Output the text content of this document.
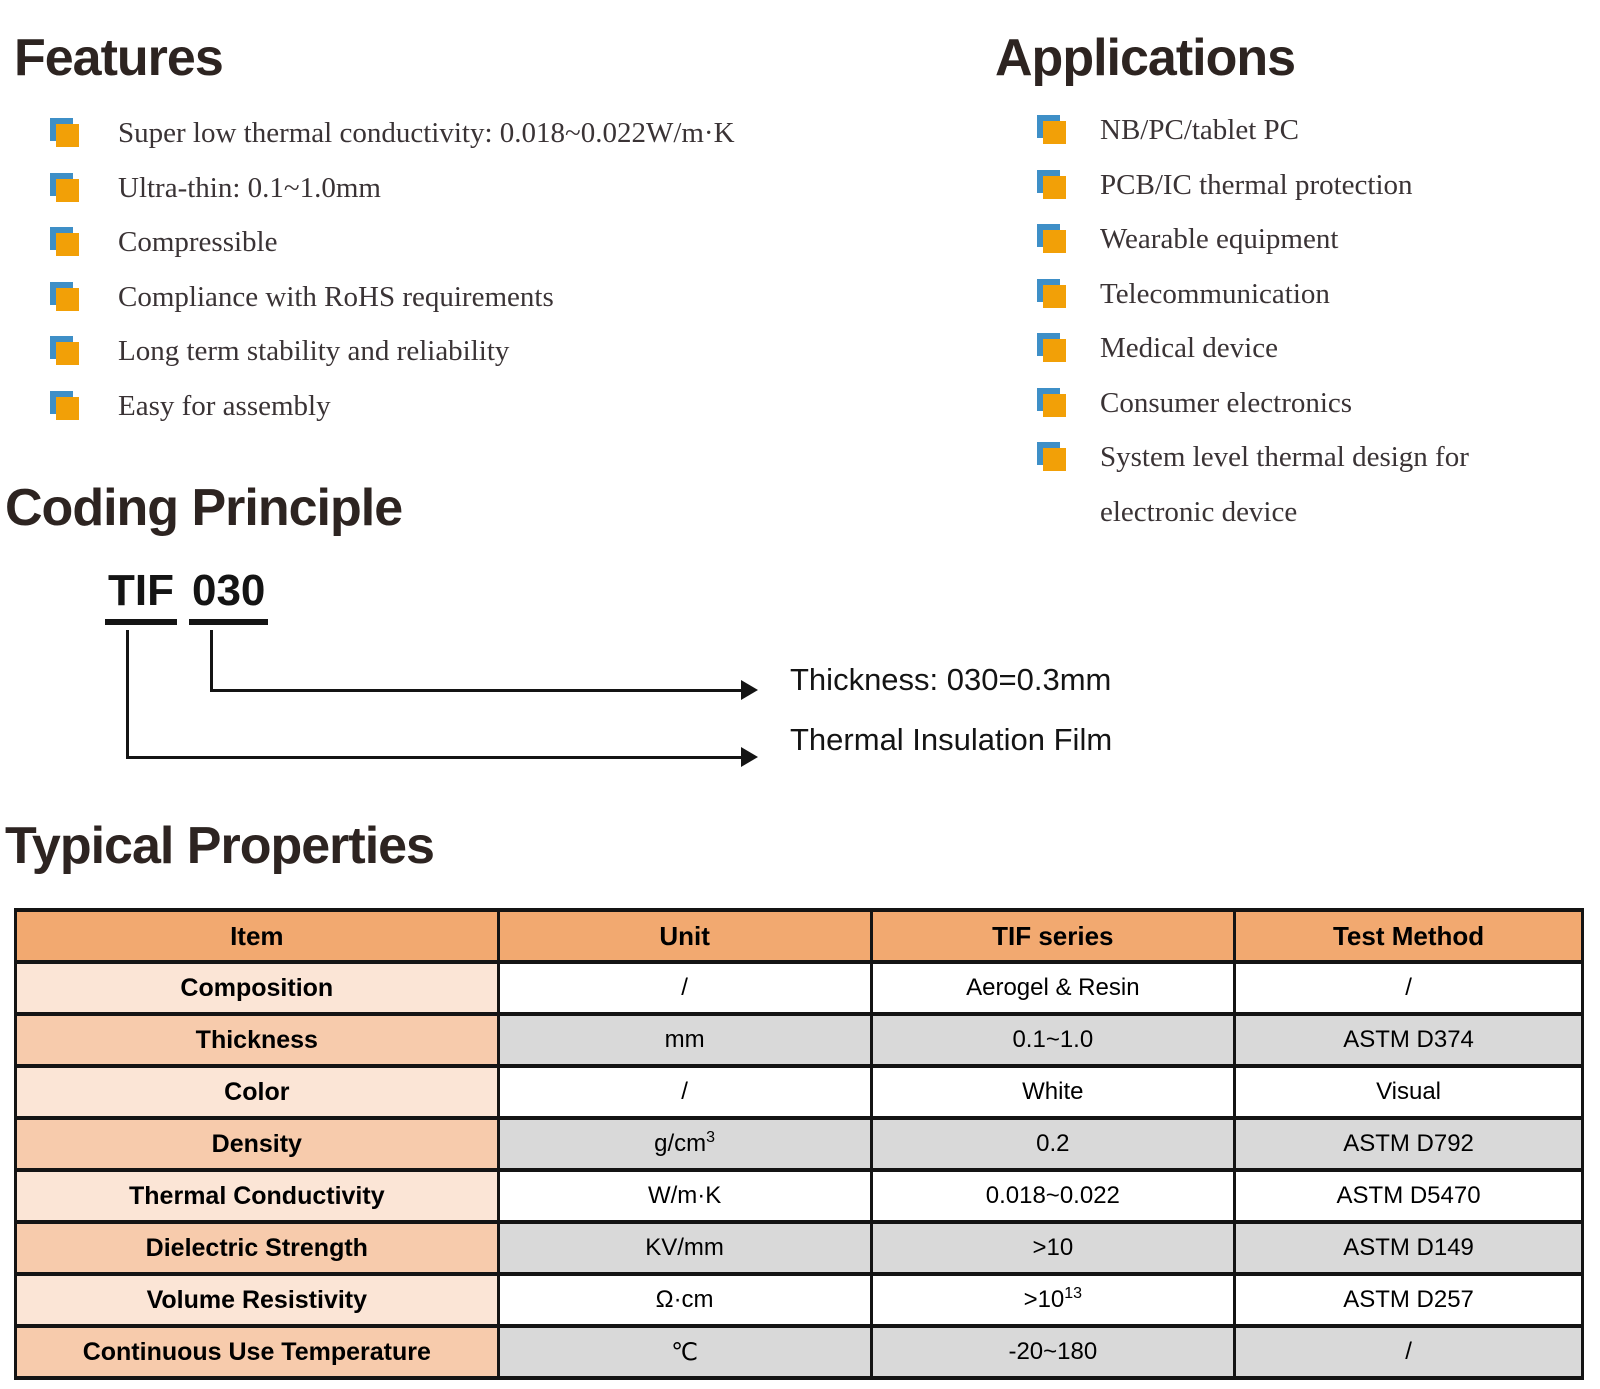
Features
Super low thermal conductivity: 0.018~0.022W/m·K
Ultra-thin: 0.1~1.0mm
Compressible
Compliance with RoHS requirements
Long term stability and reliability
Easy for assembly
Applications
NB/PC/tablet PC
PCB/IC thermal protection
Wearable equipment
Telecommunication
Medical device
Consumer electronics
System level thermal design for electronic device
Coding Principle
TIF 030
Thickness: 030=0.3mm
Thermal Insulation Film
Typical Properties
Item	Unit	TIF series	Test Method
Composition	/	Aerogel & Resin	/
Thickness	mm	0.1~1.0	ASTM D374
Color	/	White	Visual
Density	$g/cm^3$	0.2	ASTM D792
Thermal Conductivity	W/m·K	0.018~0.022	ASTM D5470
Dielectric Strength	KV/mm	>10	ASTM D149
Volume Resistivity	Ω·cm	$>10^{13}$	ASTM D257
Continuous Use Temperature	℃	-20~180	/
